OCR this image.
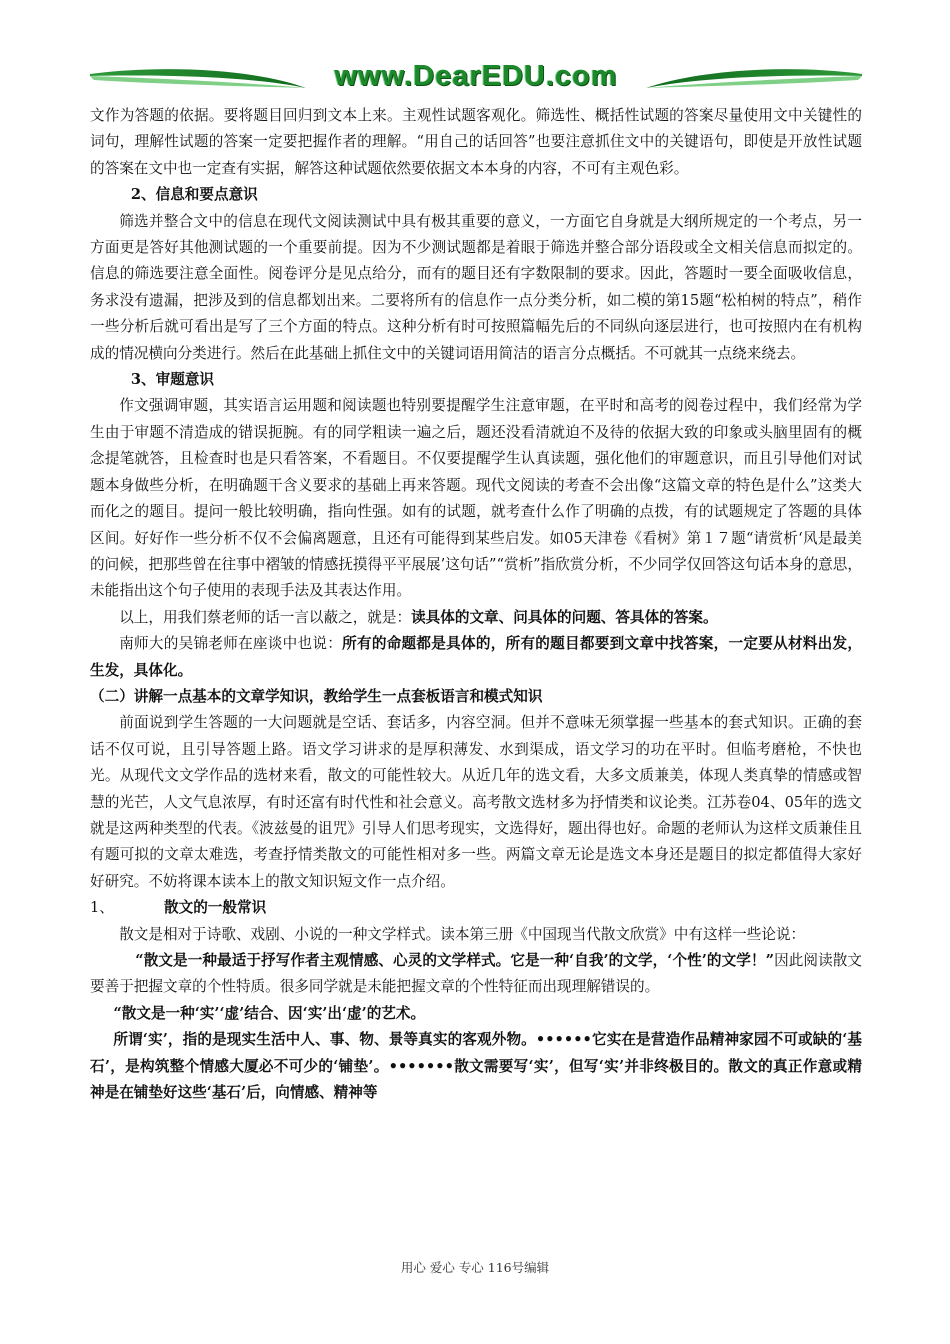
www.DearEDU.com

文作为答题的依据。要将题目回归到文本上来。主观性试题客观化。筛选性、概括性试题的答案尽量使用文中关键性的词句，理解性试题的答案一定要把握作者的理解。“用自己的话回答”也要注意抓住文中的关键语句，即使是开放性试题的答案在文中也一定查有实据，解答这种试题依然要依据文本本身的内容，不可有主观色彩。

2、信息和要点意识

筛选并整合文中的信息在现代文阅读测试中具有极其重要的意义，一方面它自身就是大纲所规定的一个考点，另一方面更是答好其他测试题的一个重要前提。因为不少测试题都是着眼于筛选并整合部分语段或全文相关信息而拟定的。信息的筛选要注意全面性。阅卷评分是见点给分，而有的题目还有字数限制的要求。因此，答题时一要全面吸收信息，务求没有遗漏，把涉及到的信息都划出来。二要将所有的信息作一点分类分析，如二模的第15题“松柏树的特点”，稍作一些分析后就可看出是写了三个方面的特点。这种分析有时可按照篇幅先后的不同纵向逐层进行，也可按照内在有机构成的情况横向分类进行。然后在此基础上抓住文中的关键词语用简洁的语言分点概括。不可就其一点绕来绕去。

3、审题意识

作文强调审题，其实语言运用题和阅读题也特别要提醒学生注意审题，在平时和高考的阅卷过程中，我们经常为学生由于审题不清造成的错误扼腕。有的同学粗读一遍之后，题还没看清就迫不及待的依据大致的印象或头脑里固有的概念提笔就答，且检查时也是只看答案，不看题目。不仅要提醒学生认真读题，强化他们的审题意识，而且引导他们对试题本身做些分析，在明确题干含义要求的基础上再来答题。现代文阅读的考查不会出像“这篇文章的特色是什么”这类大而化之的题目。提问一般比较明确，指向性强。如有的试题，就考查什么作了明确的点拨，有的试题规定了答题的具体区间。好好作一些分析不仅不会偏离题意，且还有可能得到某些启发。如05天津卷《看树》第１７题“请赏析‘风是最美的问候，把那些曾在往事中褶皱的情感抚摸得平平展展’这句话”“赏析”指欣赏分析，不少同学仅回答这句话本身的意思，未能指出这个句子使用的表现手法及其表达作用。

以上，用我们蔡老师的话一言以蔽之，就是：读具体的文章、问具体的问题、答具体的答案。

南师大的吴锦老师在座谈中也说：所有的命题都是具体的，所有的题目都要到文章中找答案，一定要从材料出发，生发，具体化。

（二）讲解一点基本的文章学知识，教给学生一点套板语言和模式知识

前面说到学生答题的一大问题就是空话、套话多，内容空洞。但并不意味无须掌握一些基本的套式知识。正确的套话不仅可说，且引导答题上路。语文学习讲求的是厚积薄发、水到渠成，语文学习的功在平时。但临考磨枪，不快也光。从现代文文学作品的选材来看，散文的可能性较大。从近几年的选文看，大多文质兼美，体现人类真挚的情感或智慧的光芒，人文气息浓厚，有时还富有时代性和社会意义。高考散文选材多为抒情类和议论类。江苏卷04、05年的选文就是这两种类型的代表。《波兹曼的诅咒》引导人们思考现实，文选得好，题出得也好。命题的老师认为这样文质兼佳且有题可拟的文章太难选，考查抒情类散文的可能性相对多一些。两篇文章无论是选文本身还是题目的拟定都值得大家好好研究。不妨将课本读本上的散文知识短文作一点介绍。

1、	散文的一般常识

散文是相对于诗歌、戏剧、小说的一种文学样式。读本第三册《中国现当代散文欣赏》中有这样一些论说：

“散文是一种最适于抒写作者主观情感、心灵的文学样式。它是一种‘自我’的文学，‘个性’的文学！”因此阅读散文要善于把握文章的个性特质。很多同学就是未能把握文章的个性特征而出现理解错误的。

“散文是一种‘实’‘虚’结合、因‘实’出‘虚’的艺术。

所谓‘实’，指的是现实生活中人、事、物、景等真实的客观外物。••••••它实在是营造作品精神家园不可或缺的‘基石’，是构筑整个情感大厦必不可少的‘铺垫’。•••••••散文需要写‘实’，但写‘实’并非终极目的。散文的真正作意或精神是在铺垫好这些‘基石’后，向情感、精神等

用心 爱心 专心 116号编辑
